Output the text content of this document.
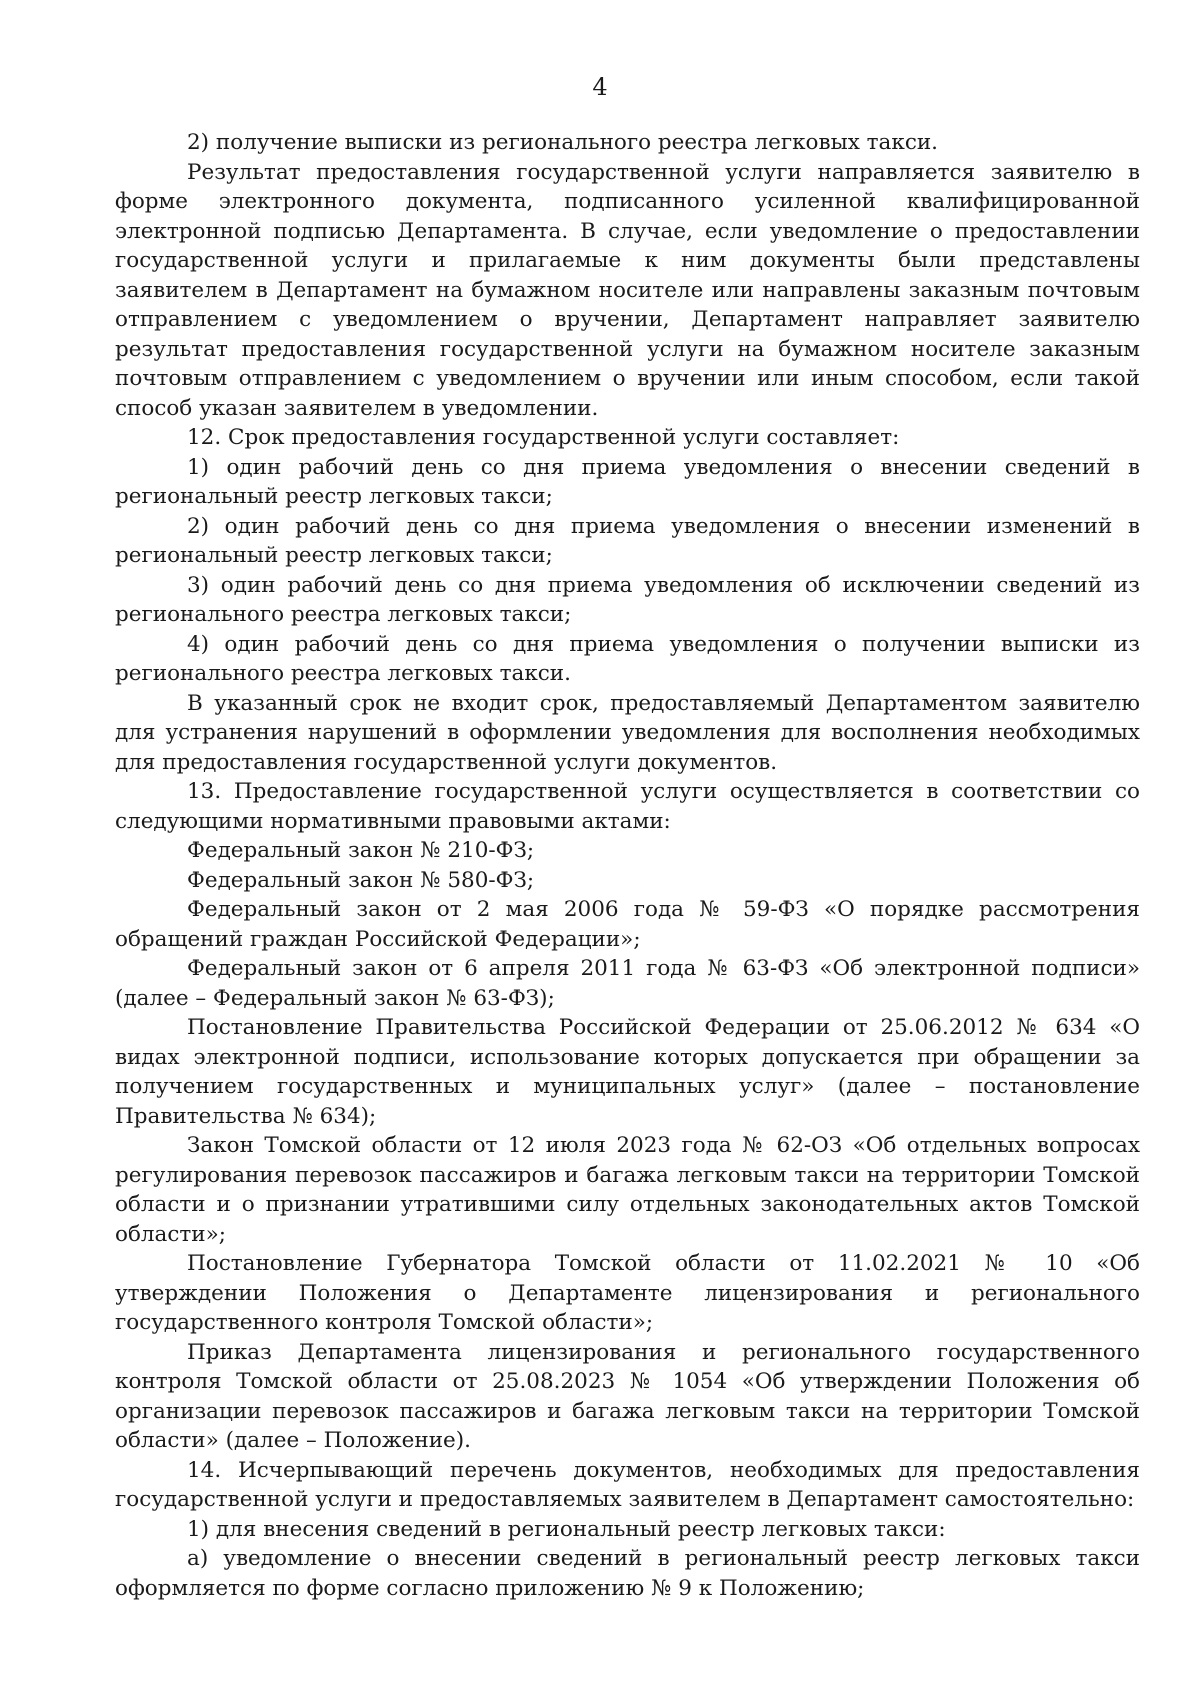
4

2) получение выписки из регионального реестра легковых такси.

Результат предоставления государственной услуги направляется заявителю в форме электронного документа, подписанного усиленной квалифицированной электронной подписью Департамента. В случае, если уведомление о предоставлении государственной услуги и прилагаемые к ним документы были представлены заявителем в Департамент на бумажном носителе или направлены заказным почтовым отправлением с уведомлением о вручении, Департамент направляет заявителю результат предоставления государственной услуги на бумажном носителе заказным почтовым отправлением с уведомлением о вручении или иным способом, если такой способ указан заявителем в уведомлении.

12. Срок предоставления государственной услуги составляет:

1) один рабочий день со дня приема уведомления о внесении сведений в региональный реестр легковых такси;

2) один рабочий день со дня приема уведомления о внесении изменений в региональный реестр легковых такси;

3) один рабочий день со дня приема уведомления об исключении сведений из регионального реестра легковых такси;

4) один рабочий день со дня приема уведомления о получении выписки из регионального реестра легковых такси.

В указанный срок не входит срок, предоставляемый Департаментом заявителю для устранения нарушений в оформлении уведомления для восполнения необходимых для предоставления государственной услуги документов.

13. Предоставление государственной услуги осуществляется в соответствии со следующими нормативными правовыми актами:

Федеральный закон № 210-ФЗ;

Федеральный закон № 580-ФЗ;

Федеральный закон от 2 мая 2006 года № 59-ФЗ «О порядке рассмотрения обращений граждан Российской Федерации»;

Федеральный закон от 6 апреля 2011 года № 63-ФЗ «Об электронной подписи» (далее – Федеральный закон № 63-ФЗ);

Постановление Правительства Российской Федерации от 25.06.2012 № 634 «О видах электронной подписи, использование которых допускается при обращении за получением государственных и муниципальных услуг» (далее – постановление Правительства № 634);

Закон Томской области от 12 июля 2023 года № 62-ОЗ «Об отдельных вопросах регулирования перевозок пассажиров и багажа легковым такси на территории Томской области и о признании утратившими силу отдельных законодательных актов Томской области»;

Постановление Губернатора Томской области от 11.02.2021 № 10 «Об утверждении Положения о Департаменте лицензирования и регионального государственного контроля Томской области»;

Приказ Департамента лицензирования и регионального государственного контроля Томской области от 25.08.2023 № 1054 «Об утверждении Положения об организации перевозок пассажиров и багажа легковым такси на территории Томской области» (далее – Положение).

14. Исчерпывающий перечень документов, необходимых для предоставления государственной услуги и предоставляемых заявителем в Департамент самостоятельно:

1) для внесения сведений в региональный реестр легковых такси:

а) уведомление о внесении сведений в региональный реестр легковых такси оформляется по форме согласно приложению № 9 к Положению;
